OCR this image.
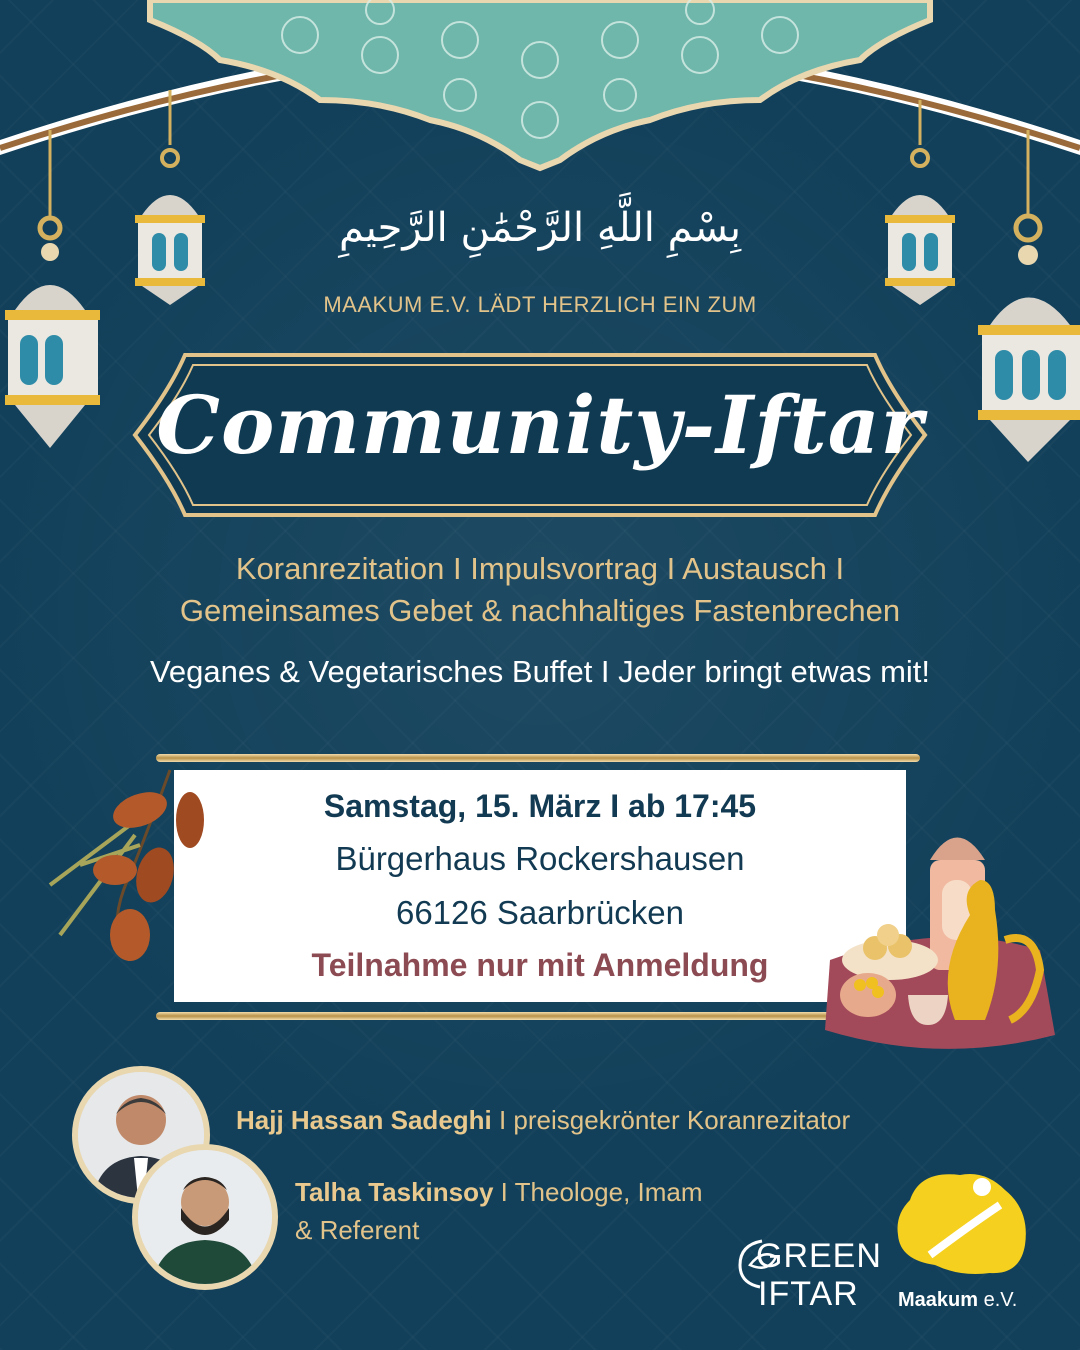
بِسْمِ اللَّهِ الرَّحْمَٰنِ الرَّحِيمِ
MAAKUM E.V. LÄDT HERZLICH EIN ZUM
Community-Iftar
Koranrezitation I Impulsvortrag I Austausch I
Gemeinsames Gebet & nachhaltiges Fastenbrechen
Veganes & Vegetarisches Buffet I Jeder bringt etwas mit!
Samstag, 15. März I ab 17:45
Bürgerhaus Rockershausen
66126 Saarbrücken
Teilnahme nur mit Anmeldung
Hajj Hassan Sadeghi I preisgekrönter Koranrezitator
Talha Taskinsoy I Theologe, Imam
& Referent
GREEN
IFTAR Maakum e.V.
